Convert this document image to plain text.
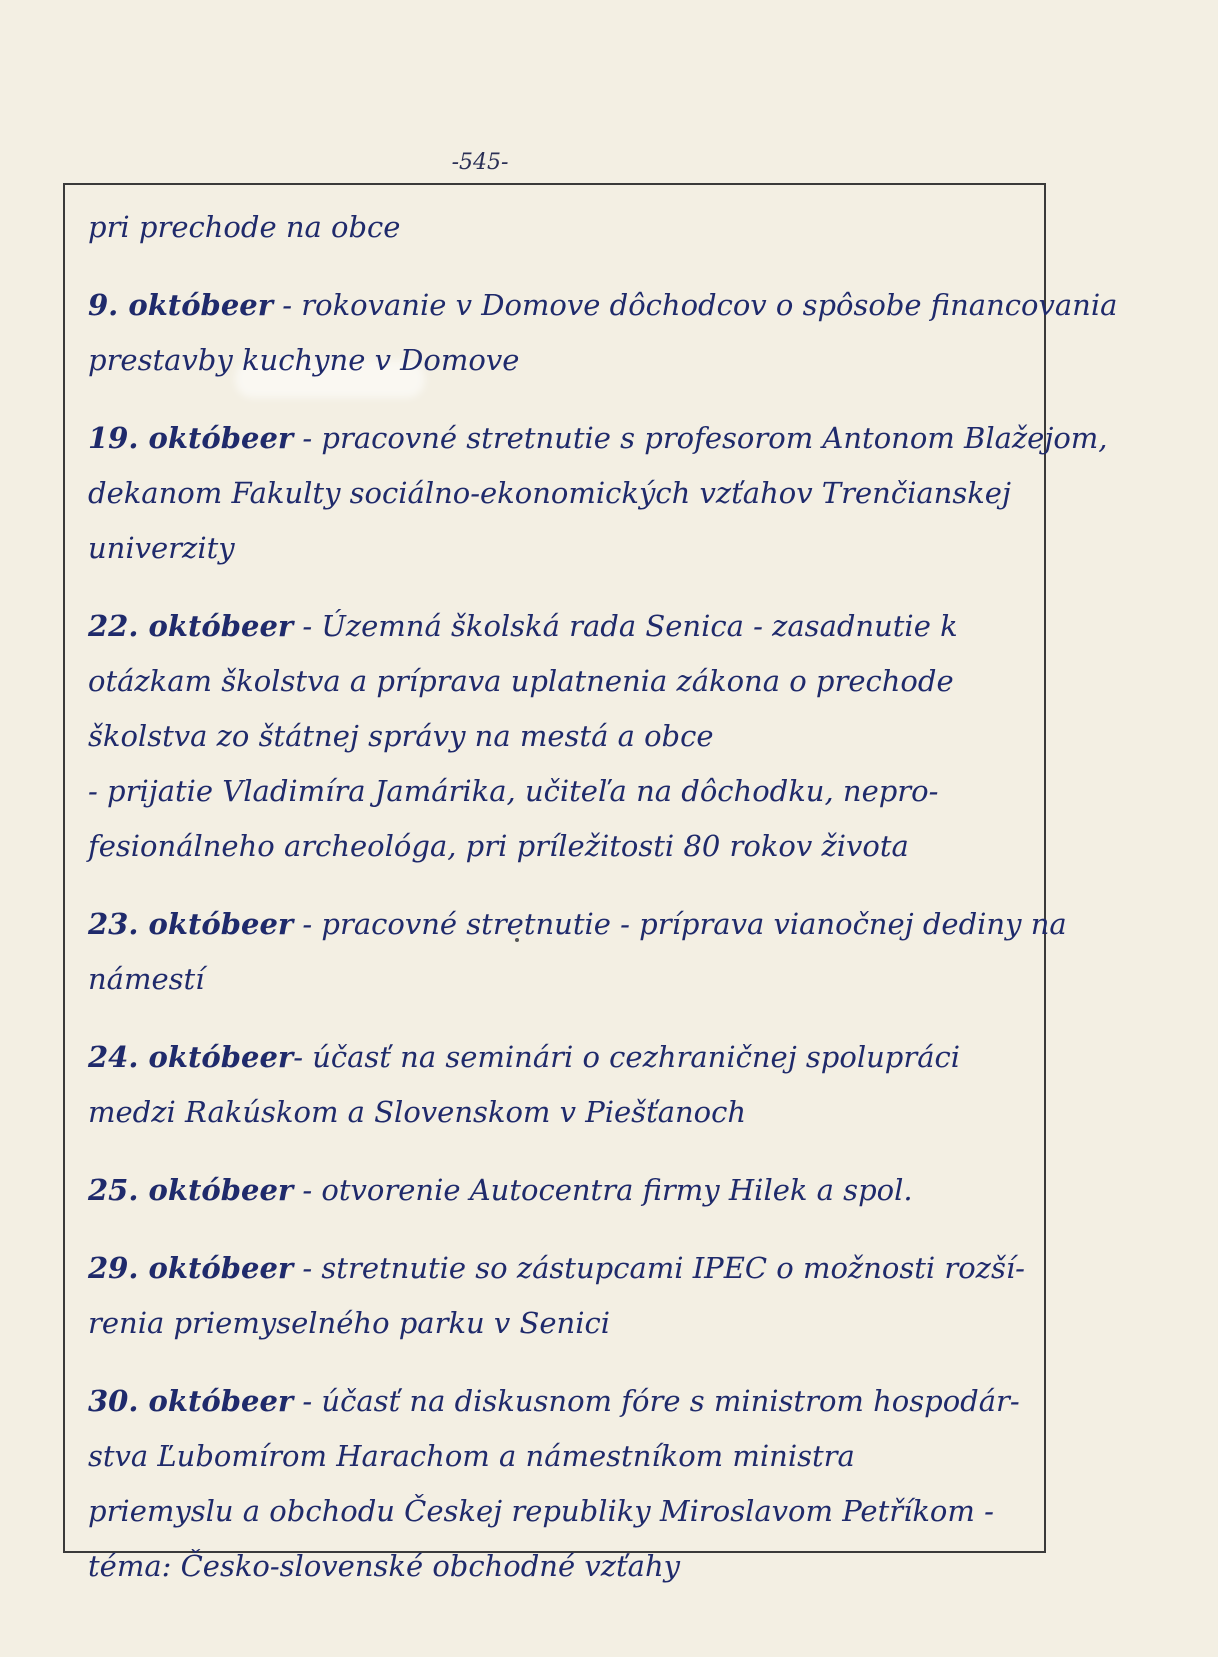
-545-
pri prechode na obce
9. októbeer - rokovanie v Domove dôchodcov o spôsobe financovania
prestavby kuchyne v Domove
19. októbeer - pracovné stretnutie s profesorom Antonom Blažejom,
dekanom Fakulty sociálno-ekonomických vzťahov Trenčianskej
univerzity
22. októbeer - Územná školská rada Senica - zasadnutie k
otázkam školstva a príprava uplatnenia zákona o prechode
školstva zo štátnej správy na mestá a obce
- prijatie Vladimíra Jamárika, učiteľa na dôchodku, nepro-
fesionálneho archeológa, pri príležitosti 80 rokov života
23. októbeer - pracovné stretnutie - príprava vianočnej dediny na
námestí
24. októbeer- účasť na seminári o cezhraničnej spolupráci
medzi Rakúskom a Slovenskom v Piešťanoch
25. októbeer - otvorenie Autocentra firmy Hilek a spol.
29. októbeer - stretnutie so zástupcami IPEC o možnosti rozší-
renia priemyselného parku v Senici
30. októbeer - účasť na diskusnom fóre s ministrom hospodár-
stva Ľubomírom Harachom a námestníkom ministra
priemyslu a obchodu Českej republiky Miroslavom Petříkom -
téma: Česko-slovenské obchodné vzťahy
